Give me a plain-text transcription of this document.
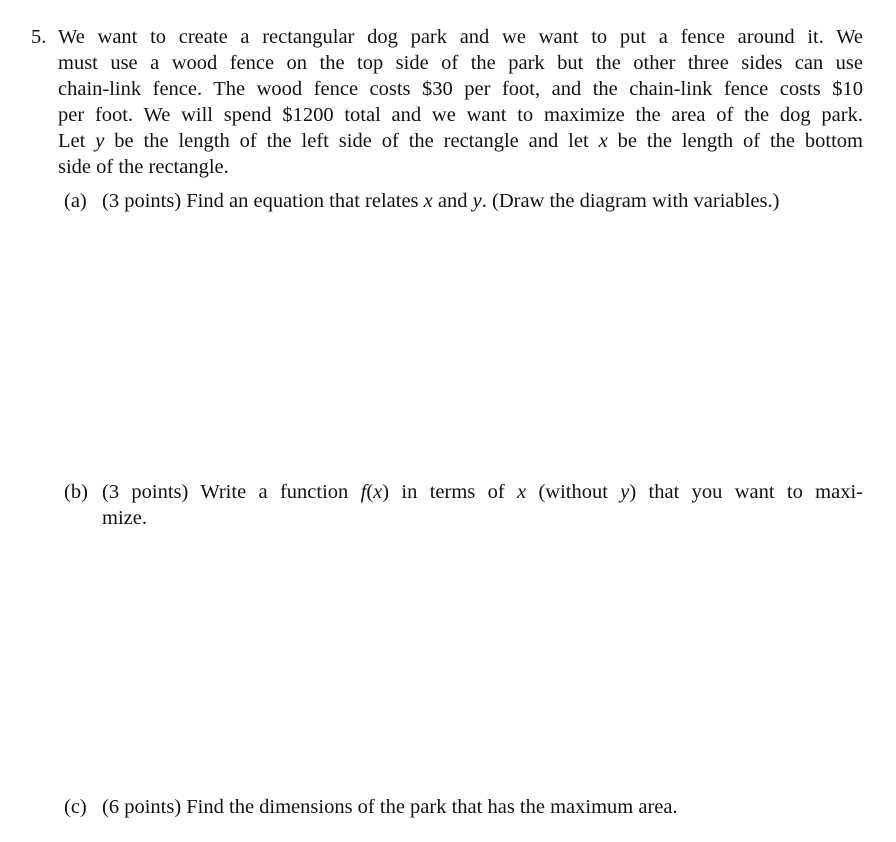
5. We want to create a rectangular dog park and we want to put a fence around it. We
must use a wood fence on the top side of the park but the other three sides can use
chain-link fence. The wood fence costs $30 per foot, and the chain-link fence costs $10
per foot. We will spend $1200 total and we want to maximize the area of the dog park.
Let y be the length of the left side of the rectangle and let x be the length of the bottom
side of the rectangle.
(a) (3 points) Find an equation that relates x and y. (Draw the diagram with variables.)
(b) (3 points) Write a function f(x) in terms of x (without y) that you want to maxi-
mize.
(c) (6 points) Find the dimensions of the park that has the maximum area.
